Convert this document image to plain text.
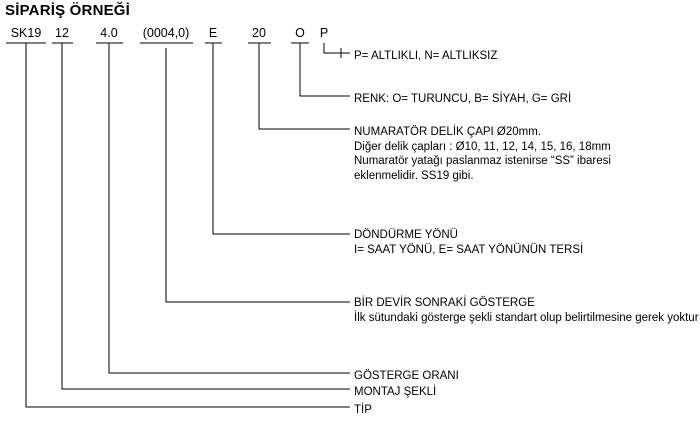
SİPARİŞ ÖRNEĞİ
SK19 12	4.0 (0004,0) E	20 O P
P= ALTLIKLI, N= ALTLIKSIZ
RENK: O= TURUNCU, B= SİYAH, G= GRİ
NUMARATÖR DELİK ÇAPI Ø20mm.
Diğer delik çapları : Ø10, 11, 12, 14, 15, 16, 18mm
Numaratör yatağı paslanmaz istenirse “SS” ibaresi
eklenmelidir. SS19 gibi.
DÖNDÜRME YÖNÜ
I= SAAT YÖNÜ, E= SAAT YÖNÜNÜN TERSİ
BİR DEVİR SONRAKİ GÖSTERGE
İlk sütundaki gösterge şekli standart olup belirtilmesine gerek yoktur
GÖSTERGE ORANI
MONTAJ ŞEKLİ
TİP
